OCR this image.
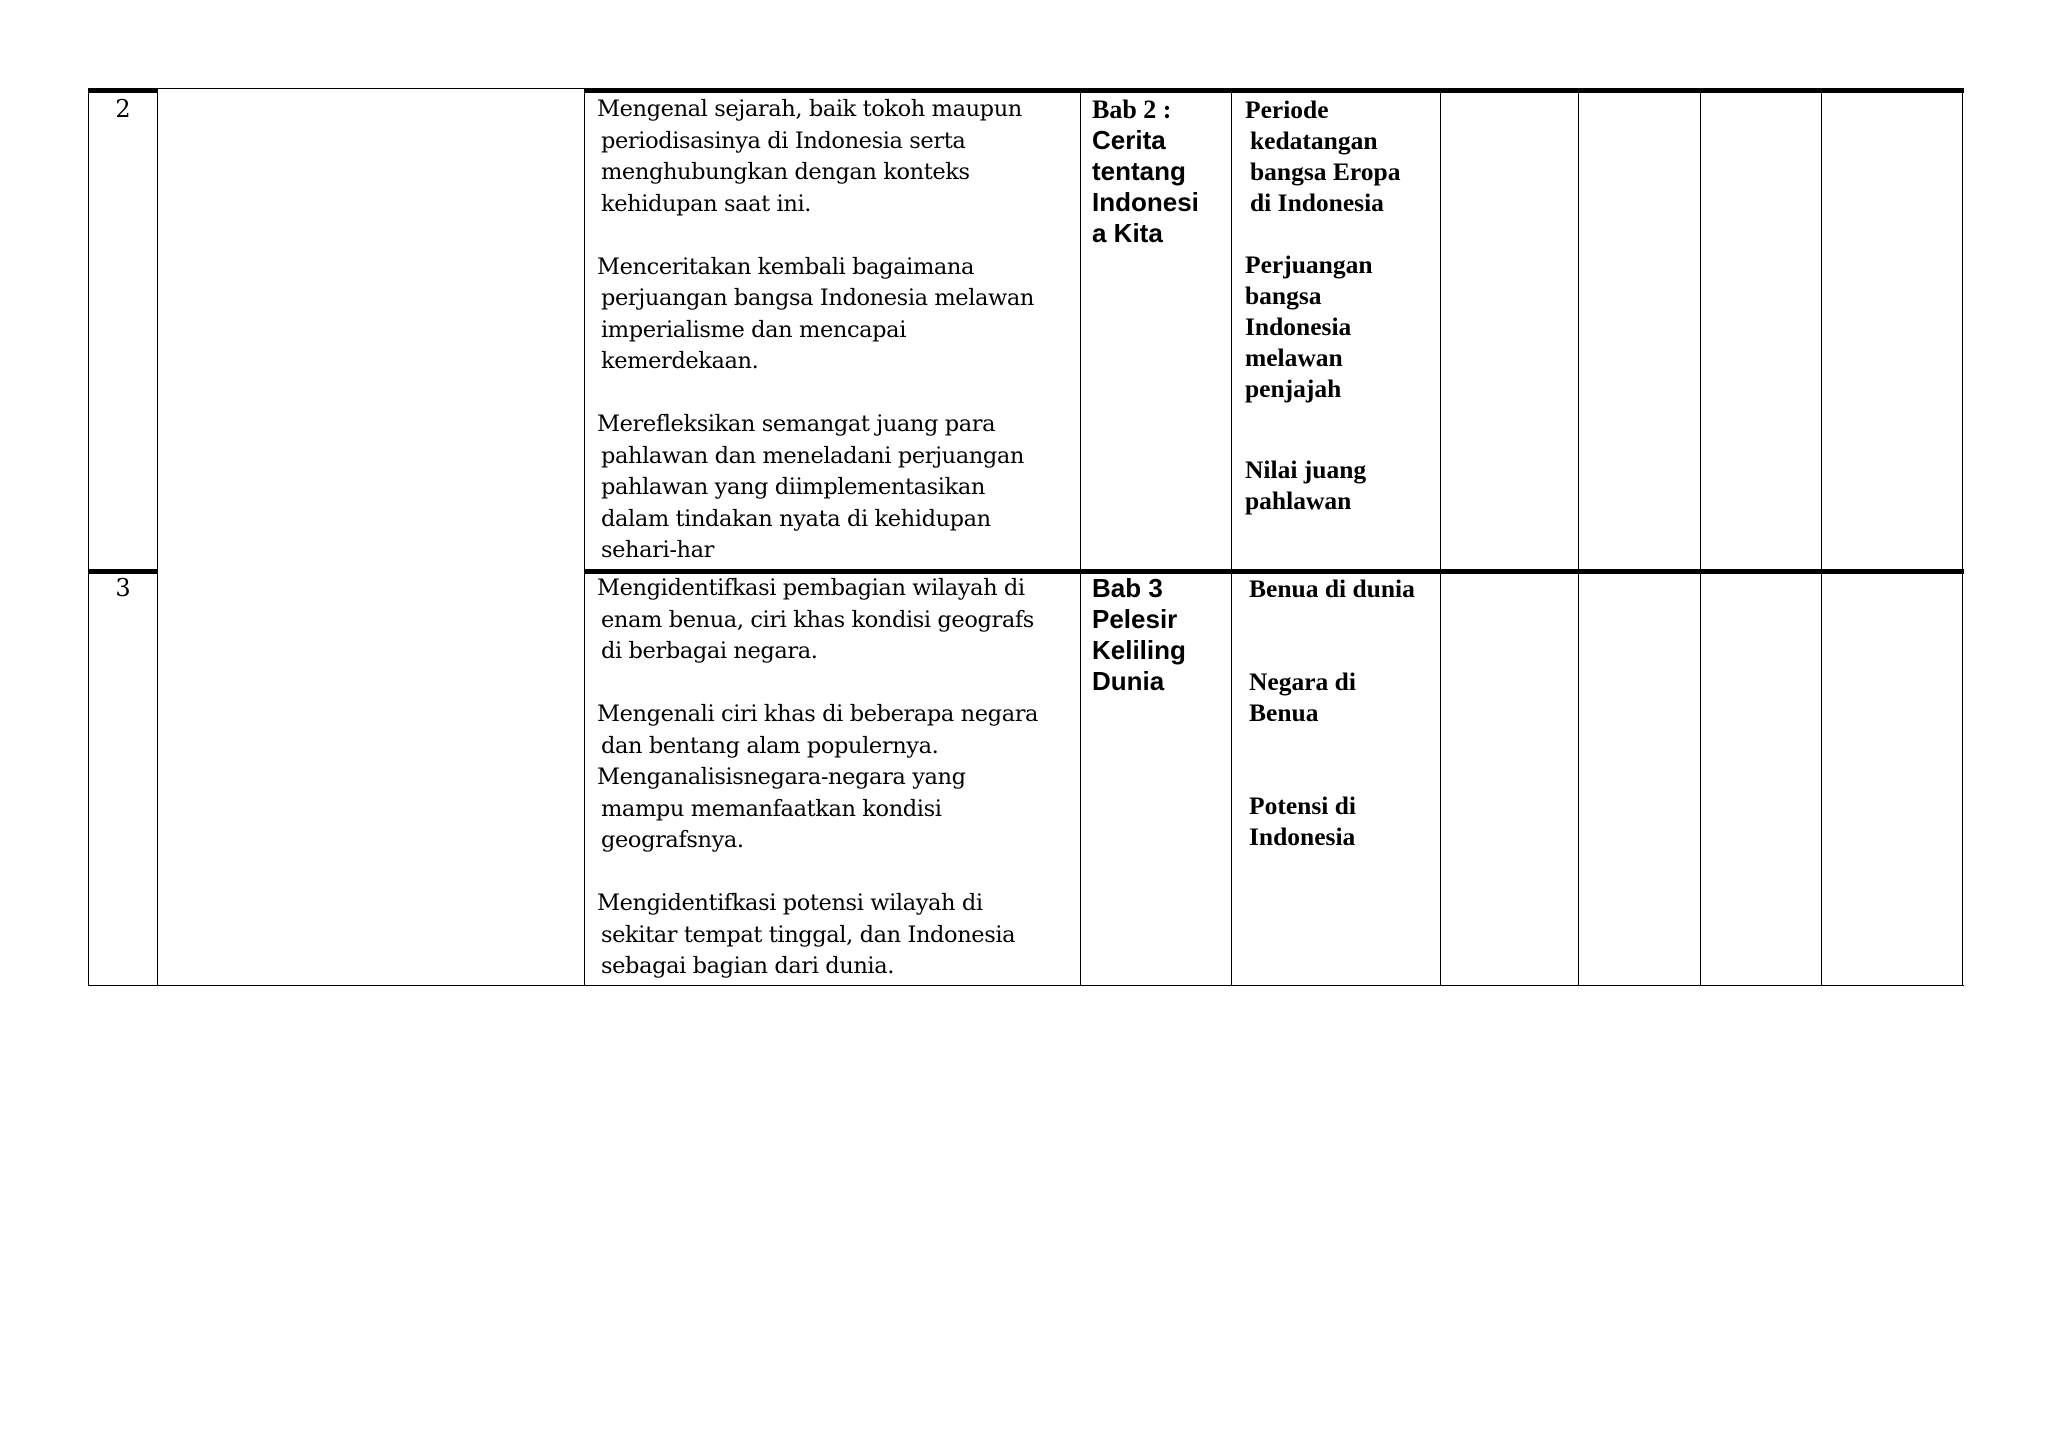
2	Mengenal sejarah, baik tokoh maupun

periodisasinya di Indonesia serta

menghubungkan dengan konteks

kehidupan saat ini.

Menceritakan kembali bagaimana

perjuangan bangsa Indonesia melawan

imperialisme dan mencapai

kemerdekaan.

Merefleksikan semangat juang para

pahlawan dan meneladani perjuangan

pahlawan yang diimplementasikan

dalam tindakan nyata di kehidupan

sehari-har

Bab 2 :
Cerita
tentang
Indonesi
a Kita

Periode

kedatangan

bangsa Eropa

di Indonesia

Perjuangan

bangsa

Indonesia

melawan

penjajah

Nilai juang

pahlawan

3	Mengidentifkasi pembagian wilayah di

enam benua, ciri khas kondisi geografs

di berbagai negara.

Mengenali ciri khas di beberapa negara

dan bentang alam populernya.

Menganalisisnegara-negara yang

mampu memanfaatkan kondisi

geografsnya.

Mengidentifkasi potensi wilayah di

sekitar tempat tinggal, dan Indonesia

sebagai bagian dari dunia.

Bab 3
Pelesir
Keliling
Dunia

Benua di dunia

Negara di

Benua

Potensi di

Indonesia
